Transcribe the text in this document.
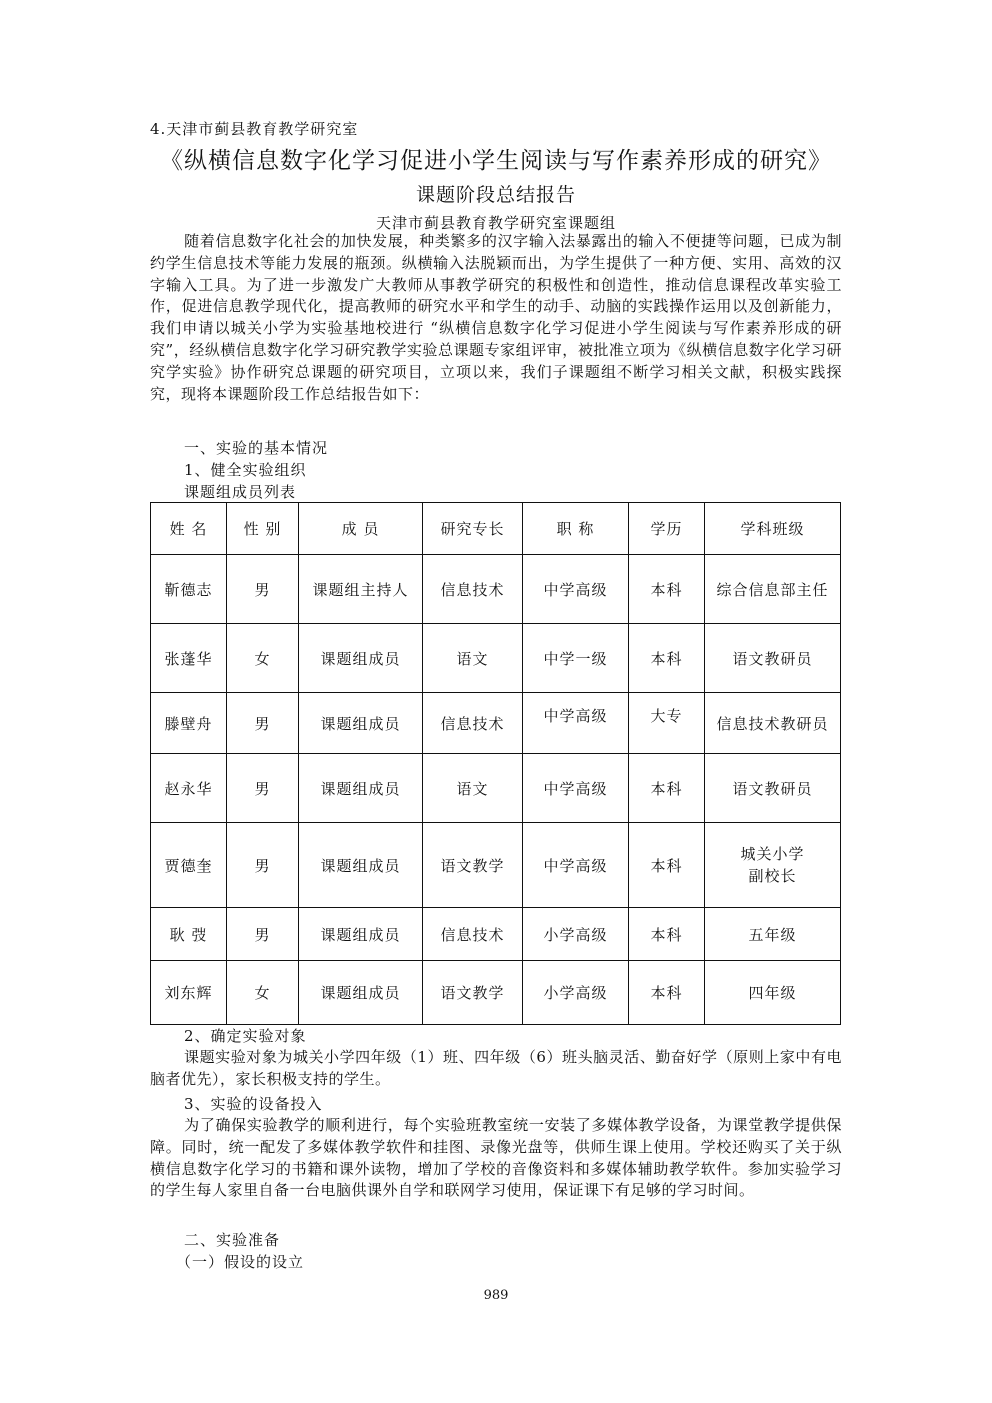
4.天津市蓟县教育教学研究室
《纵横信息数字化学习促进小学生阅读与写作素养形成的研究》
课题阶段总结报告
天津市蓟县教育教学研究室课题组
随着信息数字化社会的加快发展，种类繁多的汉字输入法暴露出的输入不便捷等问题，已成为制约学生信息技术等能力发展的瓶颈。纵横输入法脱颖而出，为学生提供了一种方便、实用、高效的汉字输入工具。为了进一步激发广大教师从事教学研究的积极性和创造性，推动信息课程改革实验工作，促进信息教学现代化，提高教师的研究水平和学生的动手、动脑的实践操作运用以及创新能力，我们申请以城关小学为实验基地校进行 “纵横信息数字化学习促进小学生阅读与写作素养形成的研究”，经纵横信息数字化学习研究教学实验总课题专家组评审，被批准立项为《纵横信息数字化学习研究学实验》协作研究总课题的研究项目，立项以来，我们子课题组不断学习相关文献，积极实践探究，现将本课题阶段工作总结报告如下：
一、实验的基本情况
1、健全实验组织
课题组成员列表
姓 名	性 别	成 员	研究专长	职 称	学历	学科班级
靳德志	男	课题组主持人	信息技术	中学高级	本科	综合信息部主任
张蓬华	女	课题组成员	语文	中学一级	本科	语文教研员
滕壁舟	男	课题组成员	信息技术	中学高级	大专	信息技术教研员
赵永华	男	课题组成员	语文	中学高级	本科	语文教研员
贾德奎	男	课题组成员	语文教学	中学高级	本科	城关小学
副校长
耿 弢	男	课题组成员	信息技术	小学高级	本科	五年级
刘东辉	女	课题组成员	语文教学	小学高级	本科	四年级
2、确定实验对象
课题实验对象为城关小学四年级（1）班、四年级（6）班头脑灵活、勤奋好学（原则上家中有电脑者优先），家长积极支持的学生。
3、实验的设备投入
为了确保实验教学的顺利进行，每个实验班教室统一安装了多媒体教学设备，为课堂教学提供保障。同时，统一配发了多媒体教学软件和挂图、录像光盘等，供师生课上使用。学校还购买了关于纵横信息数字化学习的书籍和课外读物，增加了学校的音像资料和多媒体辅助教学软件。参加实验学习的学生每人家里自备一台电脑供课外自学和联网学习使用，保证课下有足够的学习时间。
二、实验准备
（一）假设的设立
989
